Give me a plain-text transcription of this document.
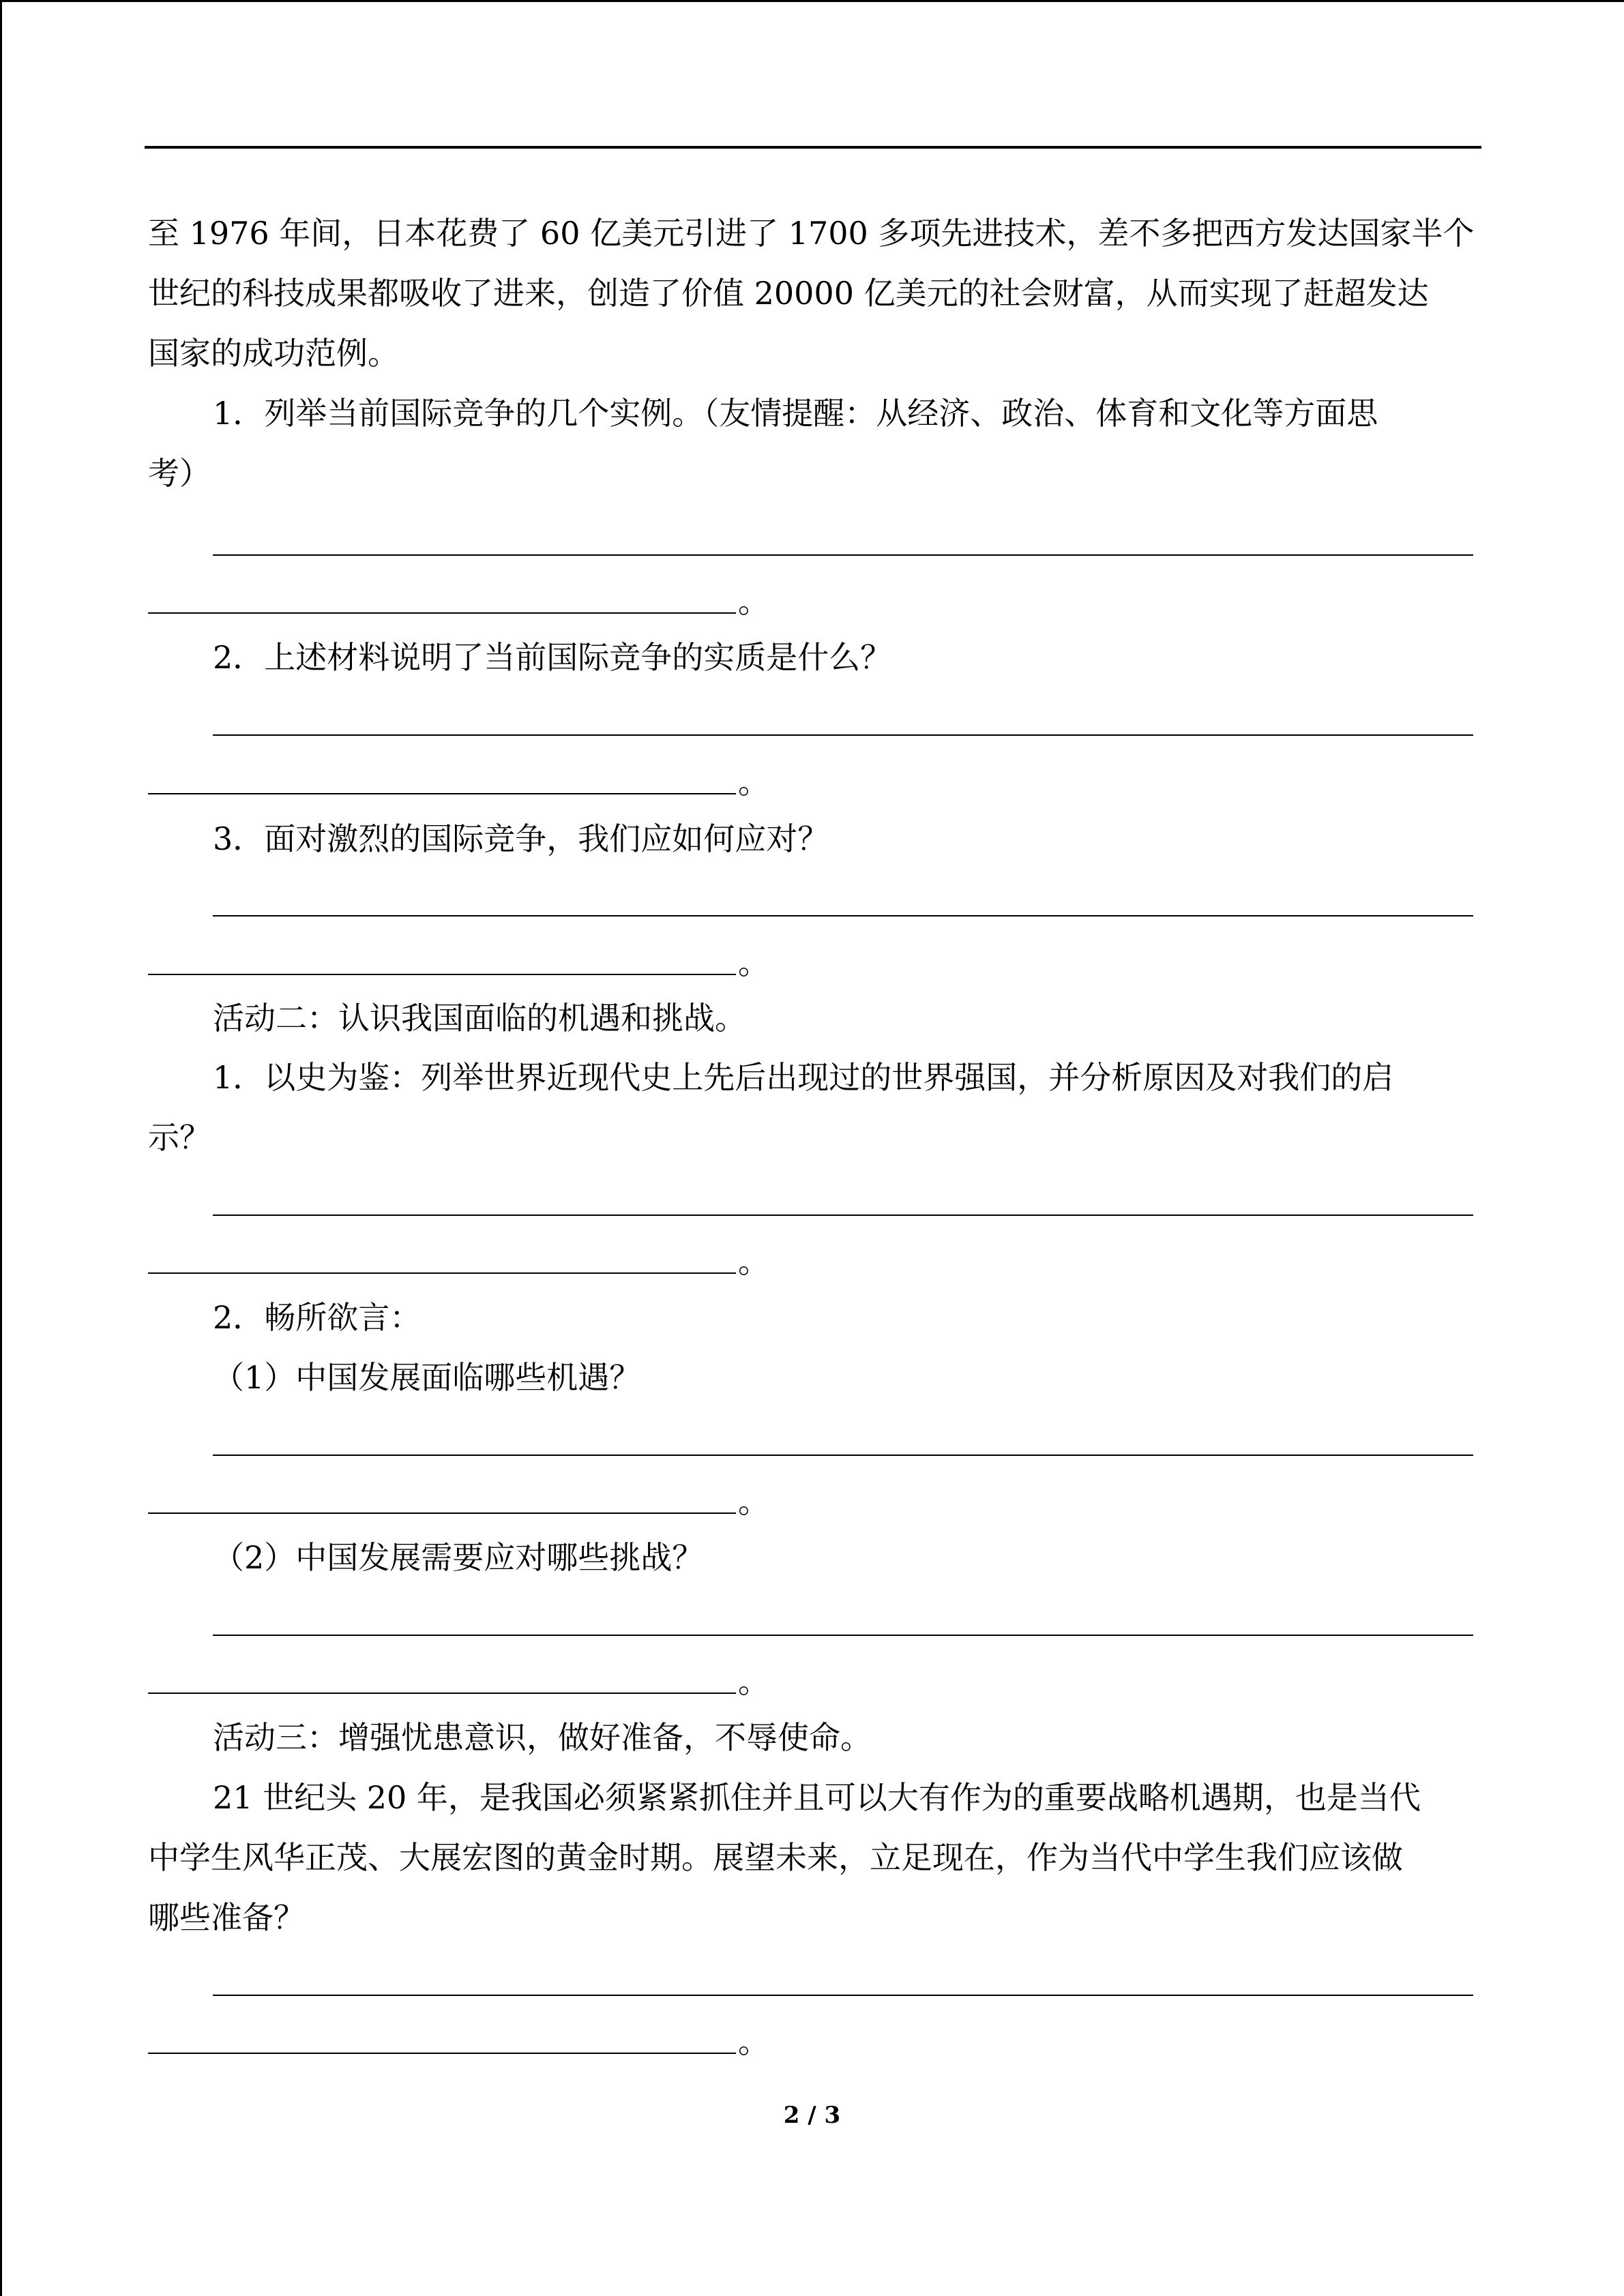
至 1976 年间，日本花费了 60 亿美元引进了 1700 多项先进技术，差不多把西方发达国家半个
世纪的科技成果都吸收了进来，创造了价值 20000 亿美元的社会财富，从而实现了赶超发达
国家的成功范例。
1．列举当前国际竞争的几个实例。（友情提醒：从经济、政治、体育和文化等方面思
考）
。
2．上述材料说明了当前国际竞争的实质是什么？
。
3．面对激烈的国际竞争，我们应如何应对？
。
活动二：认识我国面临的机遇和挑战。
1．以史为鉴：列举世界近现代史上先后出现过的世界强国，并分析原因及对我们的启
示？
。
2．畅所欲言：
（1）中国发展面临哪些机遇？
。
（2）中国发展需要应对哪些挑战？
。
活动三：增强忧患意识，做好准备，不辱使命。
21 世纪头 20 年，是我国必须紧紧抓住并且可以大有作为的重要战略机遇期，也是当代
中学生风华正茂、大展宏图的黄金时期。展望未来，立足现在，作为当代中学生我们应该做
哪些准备？
。
2 / 3
